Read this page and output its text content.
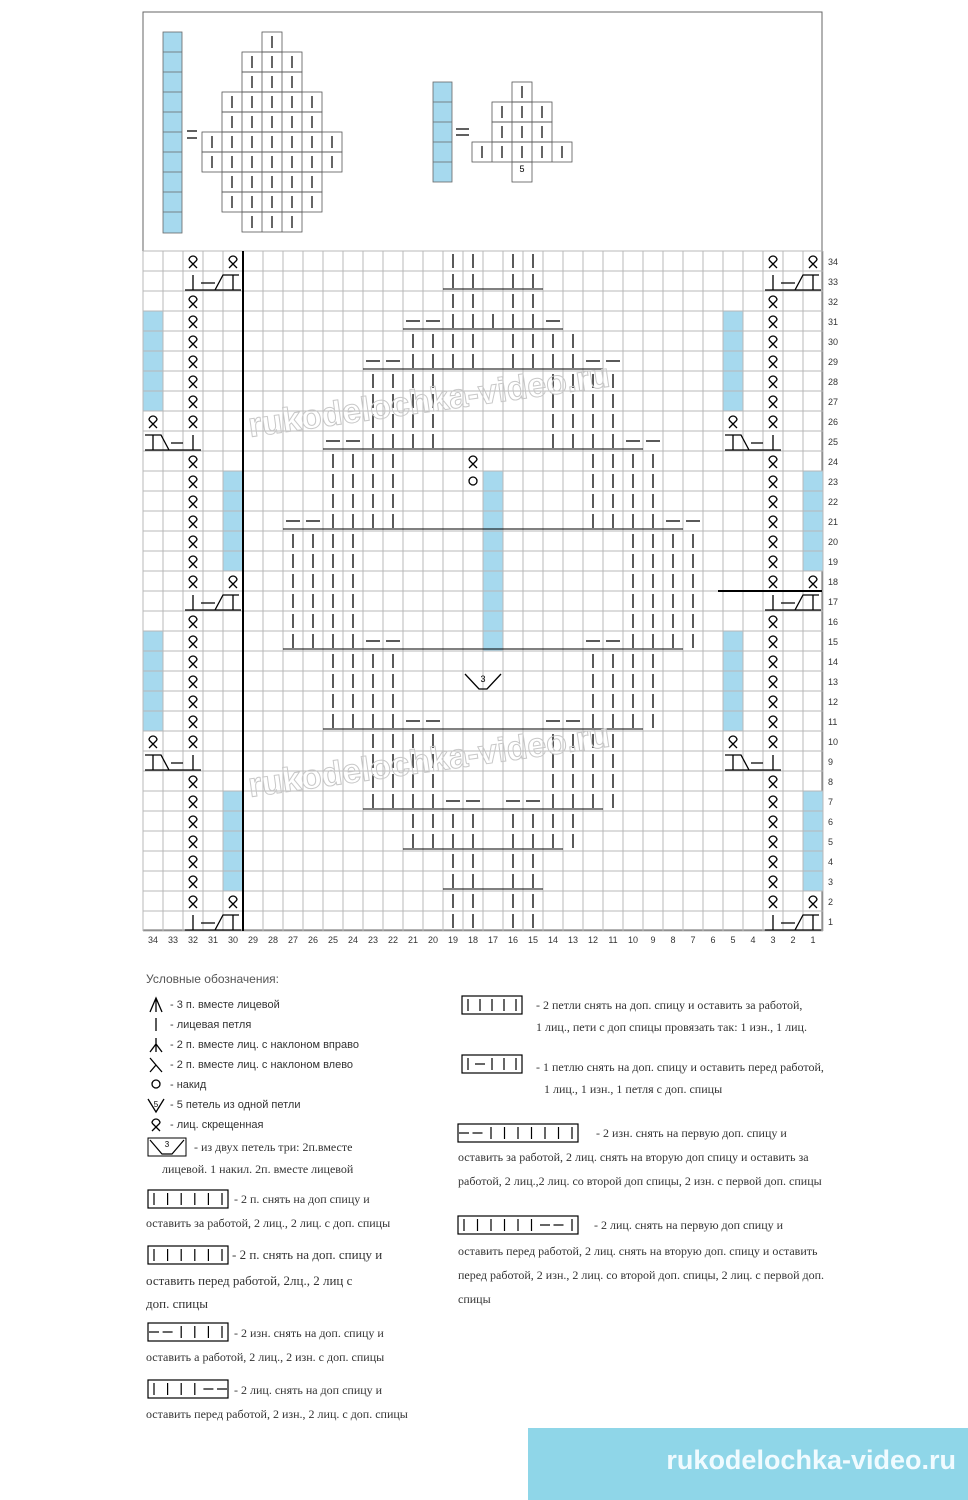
1
2
3
4
5
6
7
8
9
10
11
12
13
14
15
16
17
18
19
20
21
22
23
24
25
26
27
28
29
30
31
32
33
34
34 33 32 31 30 29 28 27 26 25 24 23 22 21 20 19 18 17 16 15 14 13 12 11 10 9 8 7 6 5 4 3 2 1
3
rukodelochka-video.ru
rukodelochka-video.ru
5
Условные обозначения:
5
3
- 3 п. вместе лицевой
- лицевая петля
- 2 п. вместе лиц. с наклоном вправо
- 2 п. вместе лиц. с наклоном влево
- накид
- 5 петель из одной петли
- лиц. скрещенная
- из двух петель три: 2п.вместе
лицевой. 1 накил. 2п. вместе лицевой
- 2 п. снять на доп спицу и
оставить за работой, 2 лиц., 2 лиц. с доп. спицы
- 2 п. снять на доп. спицу и
оставить перед работой, 2лц., 2 лиц с
доп. спицы
- 2 изн. снять на доп. спицу и
оставить а работой, 2 лиц., 2 изн. с доп. спицы
- 2 лиц. снять на доп спицу и
оставить перед работой, 2 изн., 2 лиц. с доп. спицы
- 2 петли снять на доп. спицу и оставить за работой,
1 лиц., пети с доп спицы провязать так: 1 изн., 1 лиц.
- 1 петлю снять на доп. спицу и оставить перед работой,
1 лиц., 1 изн., 1 петля с доп. спицы
- 2 изн. снять на первую доп. спицу и
оставить за работой, 2 лиц. снять на вторую доп спицу и оставить за
работой, 2 лиц.,2 лиц. со второй доп спицы, 2 изн. с первой доп. спицы
- 2 лиц. снять на первую доп спицу и
оставить перед работой, 2 лиц. снять на вторую доп. спицу и оставить
перед работой, 2 изн., 2 лиц. со второй доп. спицы, 2 лиц. с первой доп.
спицы
rukodelochka-video.ru
